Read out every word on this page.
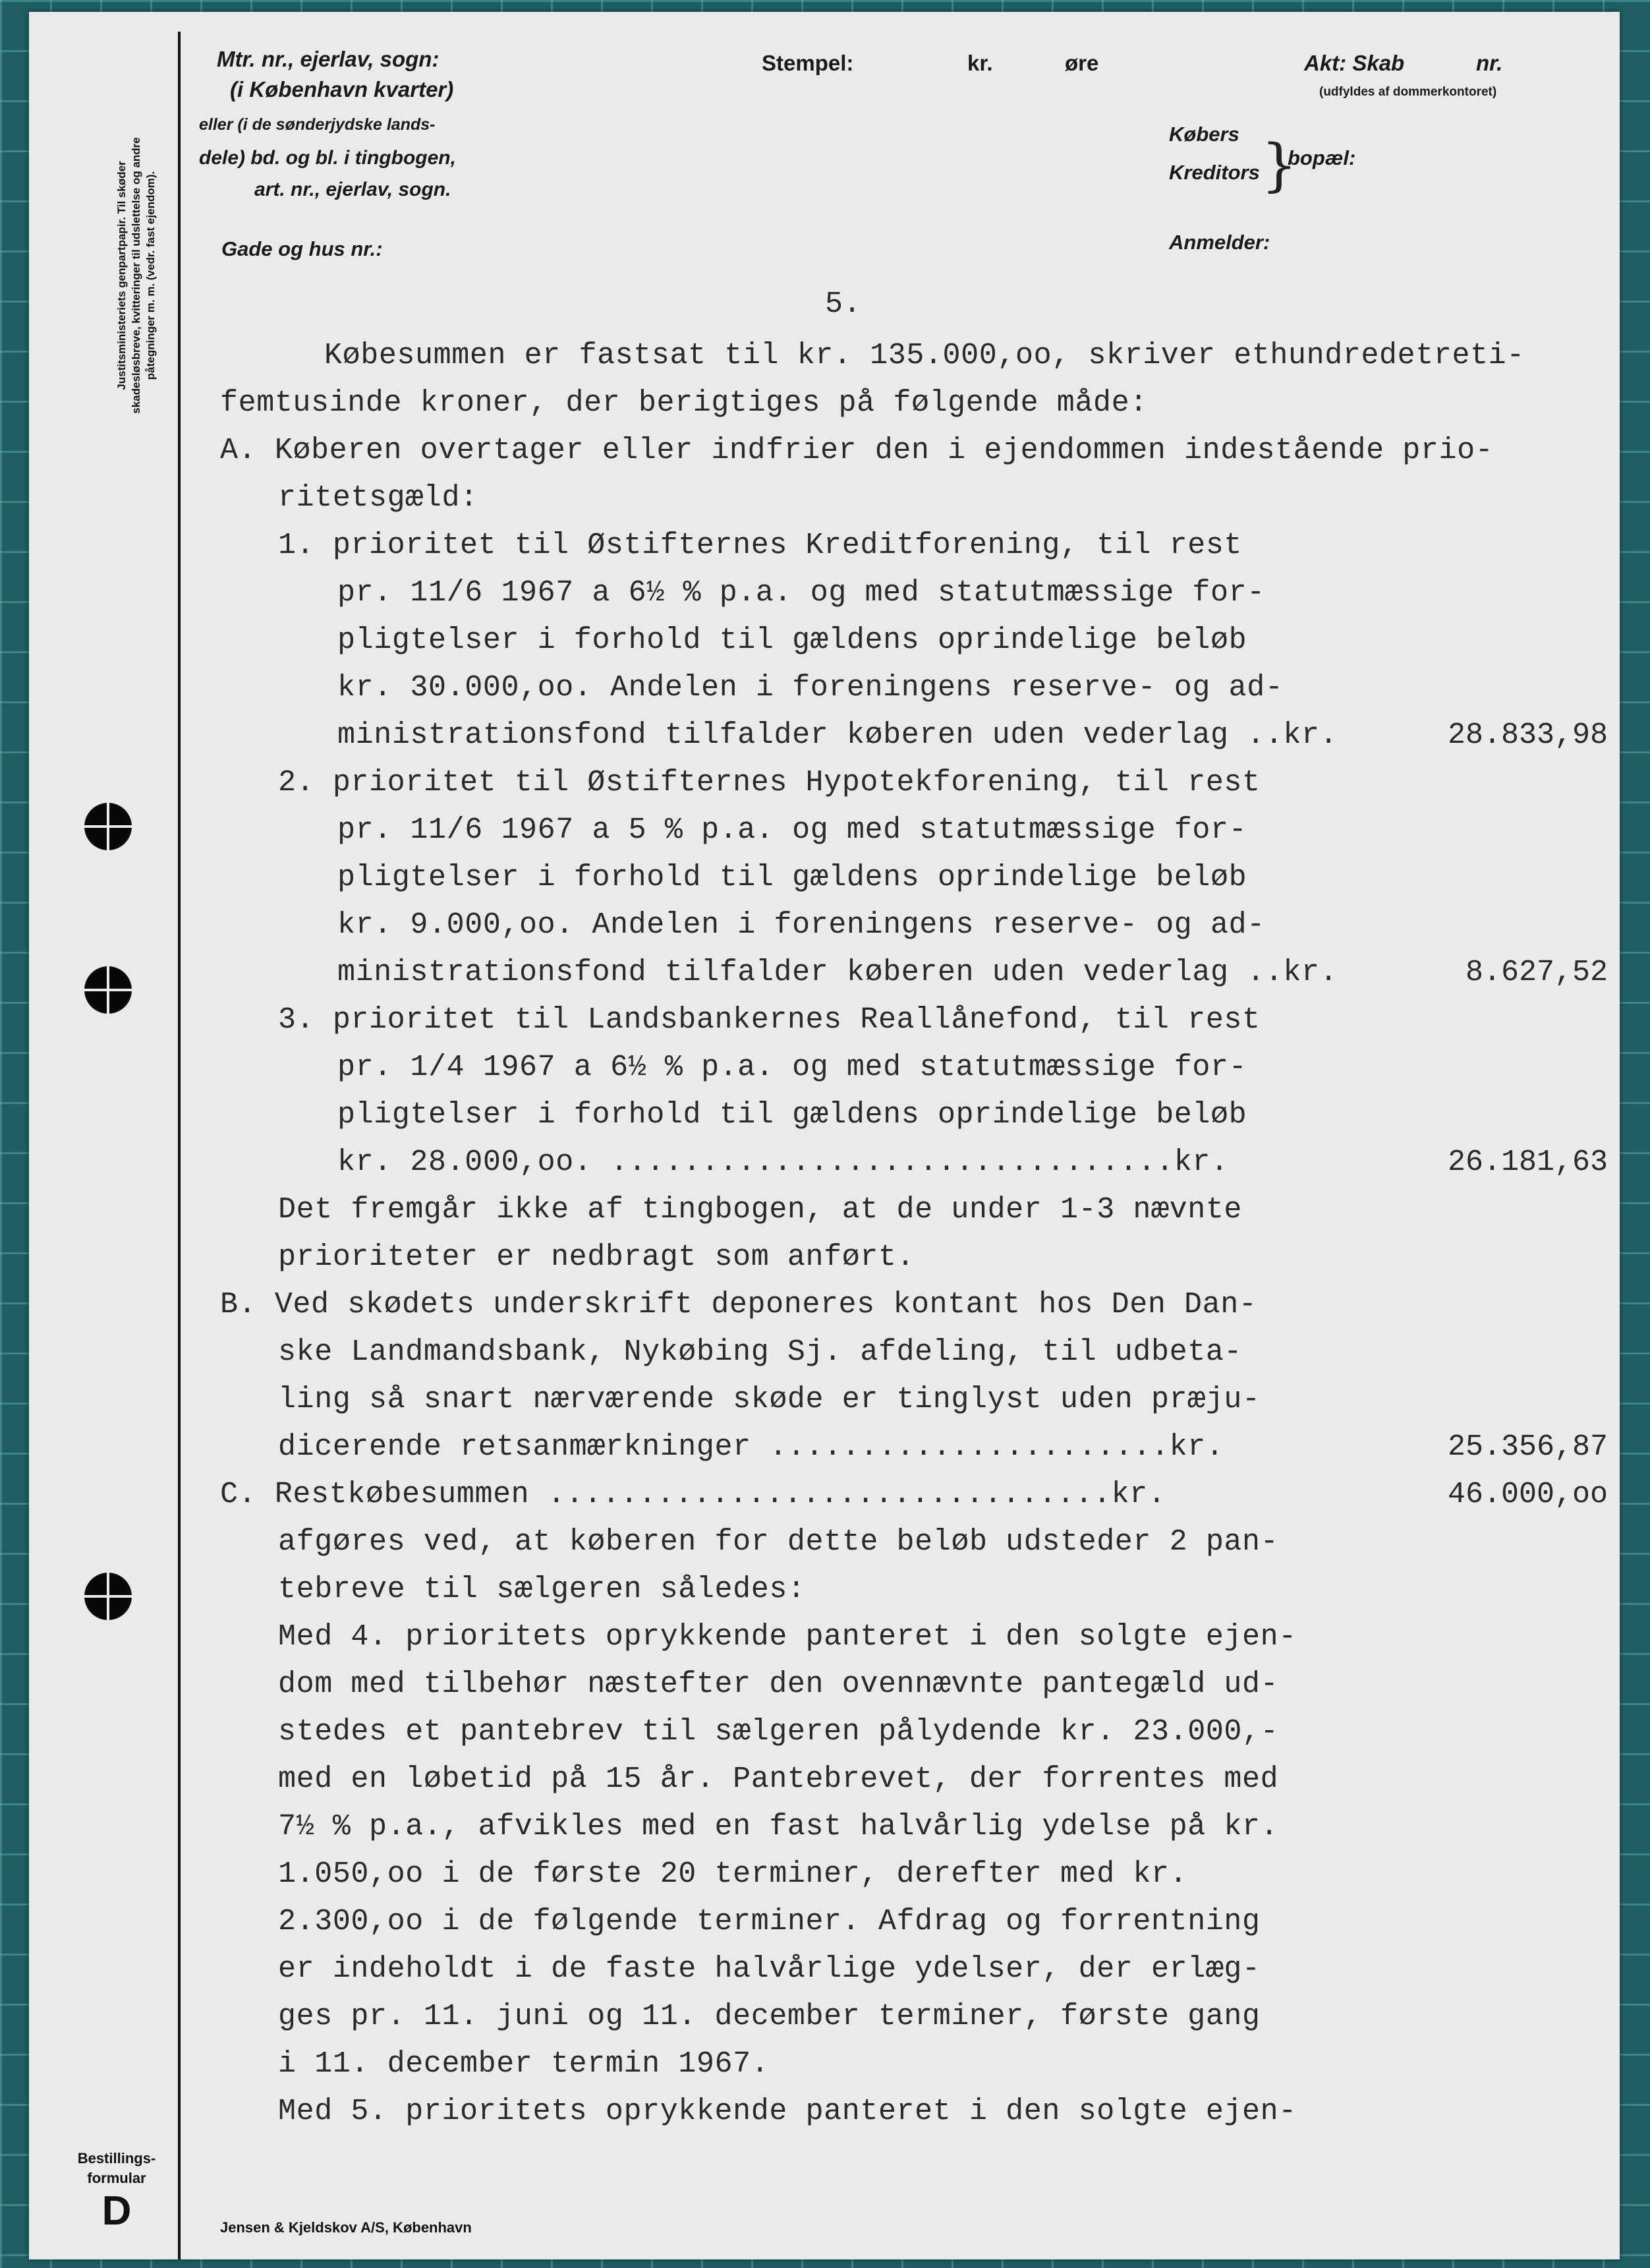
Justitsministeriets genpartpapir. Til skøder skadesløsbreve, kvitteringer til udslettelse og andre påtegninger m. m. (vedr. fast ejendom).
Mtr. nr., ejerlav, sogn:
(i København kvarter)
eller (i de sønderjydske lands-
dele) bd. og bl. i tingbogen,
art. nr., ejerlav, sogn.
Gade og hus nr.:
Stempel:	kr.	øre	Akt: Skab	nr.
(udfyldes af dommerkontoret)
Købers
Kreditors }
bopæl:
Anmelder:
5.
Købesummen er fastsat til kr. 135.000,oo, skriver ethundredetreti-
femtusinde kroner, der berigtiges på følgende måde:
A. Køberen overtager eller indfrier den i ejendommen indestående prio-
ritetsgæld:
1. prioritet til Østifternes Kreditforening, til rest
pr. 11/6 1967 a 6½ % p.a. og med statutmæssige for-
pligtelser i forhold til gældens oprindelige beløb
kr. 30.000,oo. Andelen i foreningens reserve- og ad-
ministrationsfond tilfalder køberen uden vederlag ..kr.	28.833,98
2. prioritet til Østifternes Hypotekforening, til rest
pr. 11/6 1967 a 5 % p.a. og med statutmæssige for-
pligtelser i forhold til gældens oprindelige beløb
kr. 9.000,oo. Andelen i foreningens reserve- og ad-
ministrationsfond tilfalder køberen uden vederlag ..kr.	8.627,52
3. prioritet til Landsbankernes Reallånefond, til rest
pr. 1/4 1967 a 6½ % p.a. og med statutmæssige for-
pligtelser i forhold til gældens oprindelige beløb
kr. 28.000,oo. ...............................kr.	26.181,63
Det fremgår ikke af tingbogen, at de under 1-3 nævnte
prioriteter er nedbragt som anført.
B. Ved skødets underskrift deponeres kontant hos Den Dan-
ske Landmandsbank, Nykøbing Sj. afdeling, til udbeta-
ling så snart nærværende skøde er tinglyst uden præju-
dicerende retsanmærkninger ......................kr.	25.356,87
C. Restkøbesummen ...............................kr.	46.000,oo
afgøres ved, at køberen for dette beløb udsteder 2 pan-
tebreve til sælgeren således:
Med 4. prioritets oprykkende panteret i den solgte ejen-
dom med tilbehør næstefter den ovennævnte pantegæld ud-
stedes et pantebrev til sælgeren pålydende kr. 23.000,-
med en løbetid på 15 år. Pantebrevet, der forrentes med
7½ % p.a., afvikles med en fast halvårlig ydelse på kr.
1.050,oo i de første 20 terminer, derefter med kr.
2.300,oo i de følgende terminer. Afdrag og forrentning
er indeholdt i de faste halvårlige ydelser, der erlæg-
ges pr. 11. juni og 11. december terminer, første gang
i 11. december termin 1967.
Med 5. prioritets oprykkende panteret i den solgte ejen-
Bestillings-
formular
D	Jensen & Kjeldskov A/S, København
